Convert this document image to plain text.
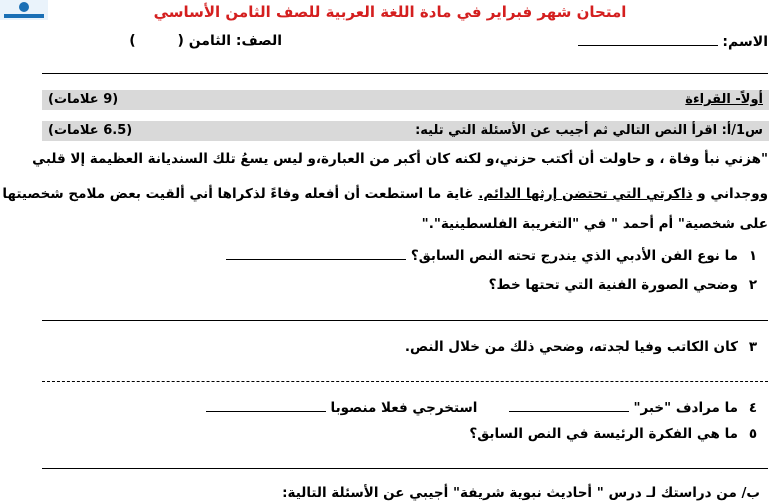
امتحان شهر فبراير في مادة اللغة العربية للصف الثامن الأساسي
الاسم:
الصف: الثامن (  )
أولاً- القراءة
(9 علامات)
س1/أ: اقرأ النص التالي ثم أجيب عن الأسئلة التي تليه:
(6.5 علامات)
"هزني نبأ وفاة ، و حاولت أن أكتب حزني،و لكنه كان أكبر من العبارة،و ليس يسعُ تلك السنديانة العظيمة إلا قلبي
ووجداني و ذاكرتي التي تحتضن إرثها الدائم. غاية ما استطعت أن أفعله وفاءً لذكراها أني ألقيت بعض ملامح شخصيتها
على شخصية" أم أحمد " في "التغريبة الفلسطينية"."
١ما نوع الفن الأدبي الذي يندرج تحته النص السابق؟
٢وضحي الصورة الفنية التي تحتها خط؟
٣كان الكاتب وفيا لجدته، وضحي ذلك من خلال النص.
٤ما مرادف "خبر"   استخرجي فعلا منصوبا
٥ما هي الفكرة الرئيسة في النص السابق؟
ب/ من دراستك لـ درس " أحاديث نبوية شريفة" أجيبي عن الأسئلة التالية:
